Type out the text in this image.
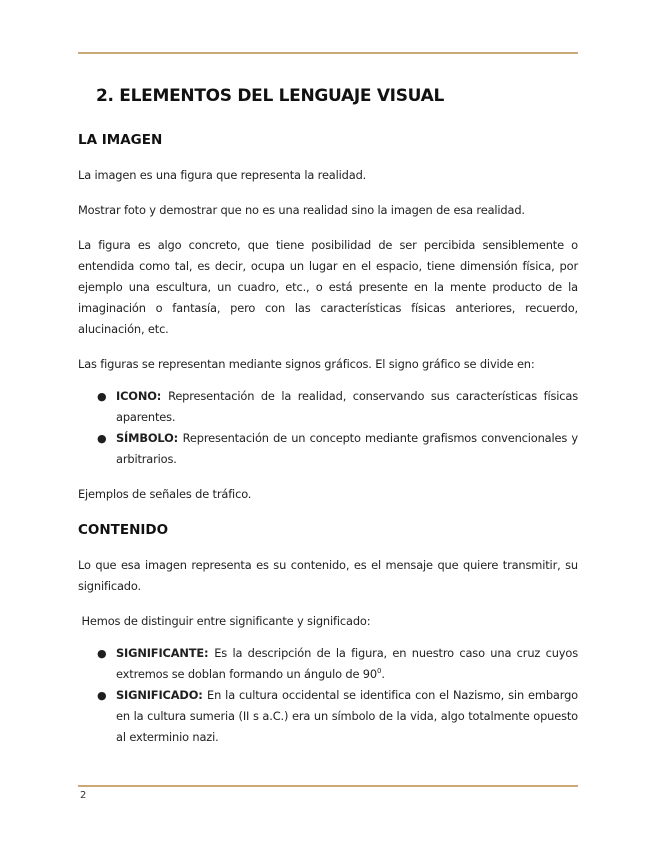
2. ELEMENTOS DEL LENGUAJE VISUAL
LA IMAGEN

La imagen es una figura que representa la realidad.

Mostrar foto y demostrar que no es una realidad sino la imagen de esa realidad.

La figura es algo concreto, que tiene posibilidad de ser percibida sensiblemente o entendida como tal, es decir, ocupa un lugar en el espacio, tiene dimensión física, por ejemplo una escultura, un cuadro, etc., o está presente en la mente producto de la imaginación o fantasía, pero con las características físicas anteriores, recuerdo, alucinación, etc.

Las figuras se representan mediante signos gráficos. El signo gráfico se divide en:

● ICONO: Representación de la realidad, conservando sus características físicas aparentes.
● SÍMBOLO: Representación de un concepto mediante grafismos convencionales y arbitrarios.

Ejemplos de señales de tráfico.

CONTENIDO

Lo que esa imagen representa es su contenido, es el mensaje que quiere transmitir, su significado.

Hemos de distinguir entre significante y significado:

● SIGNIFICANTE: Es la descripción de la figura, en nuestro caso una cruz cuyos extremos se doblan formando un ángulo de $90^0$.
● SIGNIFICADO: En la cultura occidental se identifica con el Nazismo, sin embargo en la cultura sumeria (II s a.C.) era un símbolo de la vida, algo totalmente opuesto al exterminio nazi.
2
